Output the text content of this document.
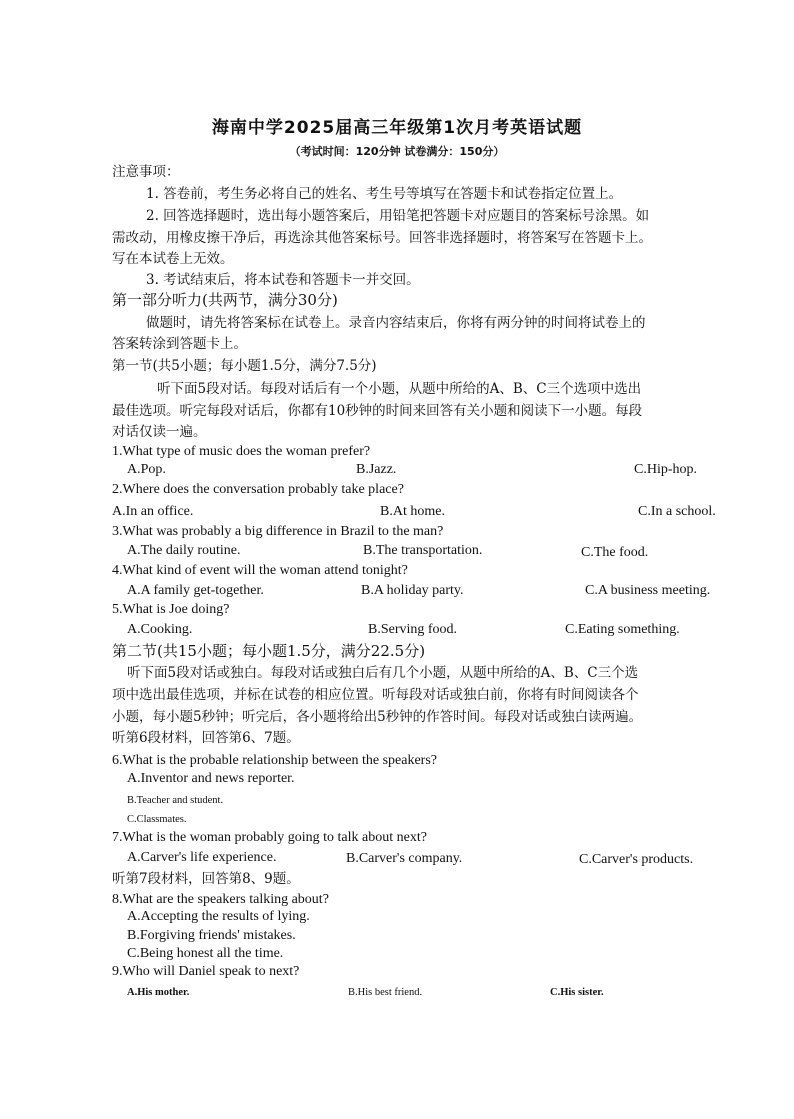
海南中学2025届高三年级第1次月考英语试题
（考试时间：120分钟 试卷满分：150分）
注意事项：
1. 答卷前，考生务必将自己的姓名、考生号等填写在答题卡和试卷指定位置上。
2. 回答选择题时，选出每小题答案后，用铅笔把答题卡对应题目的答案标号涂黑。如
需改动，用橡皮擦干净后，再选涂其他答案标号。回答非选择题时，将答案写在答题卡上。
写在本试卷上无效。
3. 考试结束后，将本试卷和答题卡一并交回。
第一部分听力(共两节，满分30分)
做题时，请先将答案标在试卷上。录音内容结束后，你将有两分钟的时间将试卷上的
答案转涂到答题卡上。
第一节(共5小题；每小题1.5分，满分7.5分)
听下面5段对话。每段对话后有一个小题，从题中所给的A、B、C三个选项中选出
最佳选项。听完每段对话后，你都有10秒钟的时间来回答有关小题和阅读下一小题。每段
对话仅读一遍。
1.What type of music does the woman prefer?
A.Pop.	B.Jazz.	C.Hip-hop.
2.Where does the conversation probably take place?
A.In an office.	B.At home.	C.In a school.
3.What was probably a big difference in Brazil to the man?
A.The daily routine.	B.The transportation.	C.The food.
4.What kind of event will the woman attend tonight?
A.A family get-together.	B.A holiday party.	C.A business meeting.
5.What is Joe doing?
A.Cooking.	B.Serving food.	C.Eating something.
第二节(共15小题；每小题1.5分，满分22.5分)
听下面5段对话或独白。每段对话或独白后有几个小题，从题中所给的A、B、C三个选
项中选出最佳选项，并标在试卷的相应位置。听每段对话或独白前，你将有时间阅读各个
小题，每小题5秒钟；听完后，各小题将给出5秒钟的作答时间。每段对话或独白读两遍。
听第6段材料，回答第6、7题。
6.What is the probable relationship between the speakers?
A.Inventor and news reporter.
B.Teacher and student.
C.Classmates.
7.What is the woman probably going to talk about next?
A.Carver's life experience.	B.Carver's company.	C.Carver's products.
听第7段材料，回答第8、9题。
8.What are the speakers talking about?
A.Accepting the results of lying.
B.Forgiving friends' mistakes.
C.Being honest all the time.
9.Who will Daniel speak to next?
A.His mother.	B.His best friend.	C.His sister.
